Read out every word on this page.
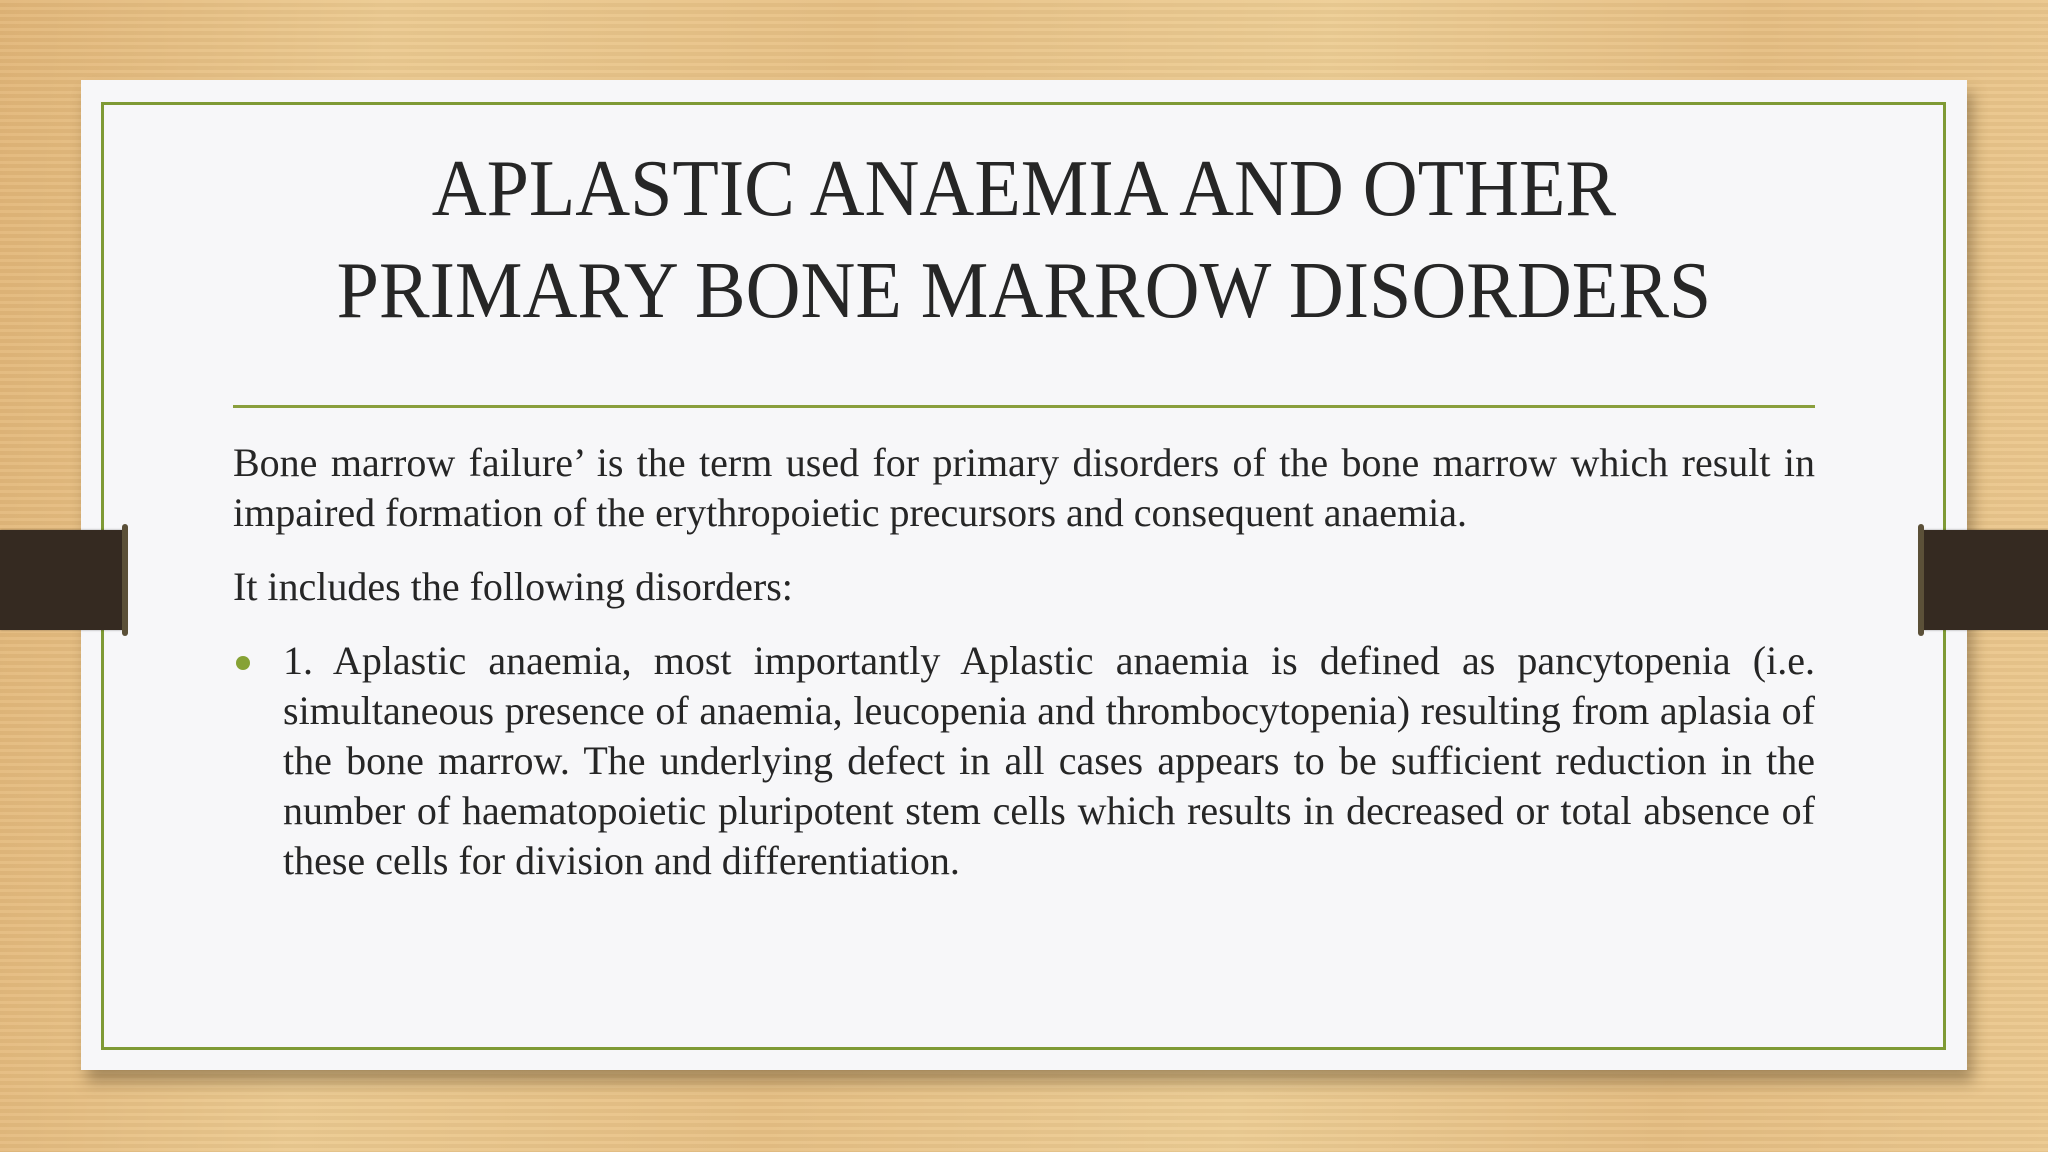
APLASTIC ANAEMIA AND OTHER
PRIMARY BONE MARROW DISORDERS

Bone marrow failure’ is the term used for primary disorders of the bone marrow which result in impaired formation of the erythropoietic precursors and consequent anaemia.

It includes the following disorders:

1. Aplastic anaemia, most importantly Aplastic anaemia is defined as pancytopenia (i.e. simultaneous presence of anaemia, leucopenia and thrombocytopenia) resulting from aplasia of the bone marrow. The underlying defect in all cases appears to be sufficient reduction in the number of haematopoietic pluripotent stem cells which results in decreased or total absence of these cells for division and differentiation.
